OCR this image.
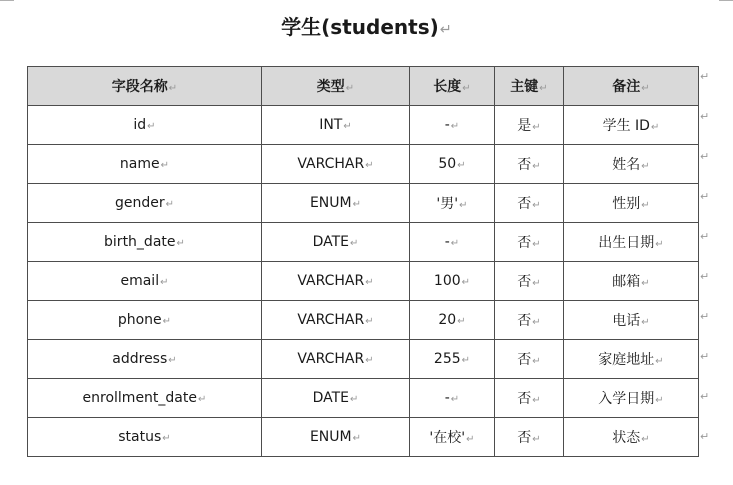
学生(students)↵
字段名称↵	类型↵	长度↵	主键↵	备注↵
id↵	INT↵	-↵	是↵	学生 ID↵
name↵	VARCHAR↵	50↵	否↵	姓名↵
gender↵	ENUM↵	'男'↵	否↵	性别↵
birth_date↵	DATE↵	-↵	否↵	出生日期↵
email↵	VARCHAR↵	100↵	否↵	邮箱↵
phone↵	VARCHAR↵	20↵	否↵	电话↵
address↵	VARCHAR↵	255↵	否↵	家庭地址↵
enrollment_date↵	DATE↵	-↵	否↵	入学日期↵
status↵	ENUM↵	'在校'↵	否↵	状态↵
↵
↵
↵
↵
↵
↵
↵
↵
↵
↵
